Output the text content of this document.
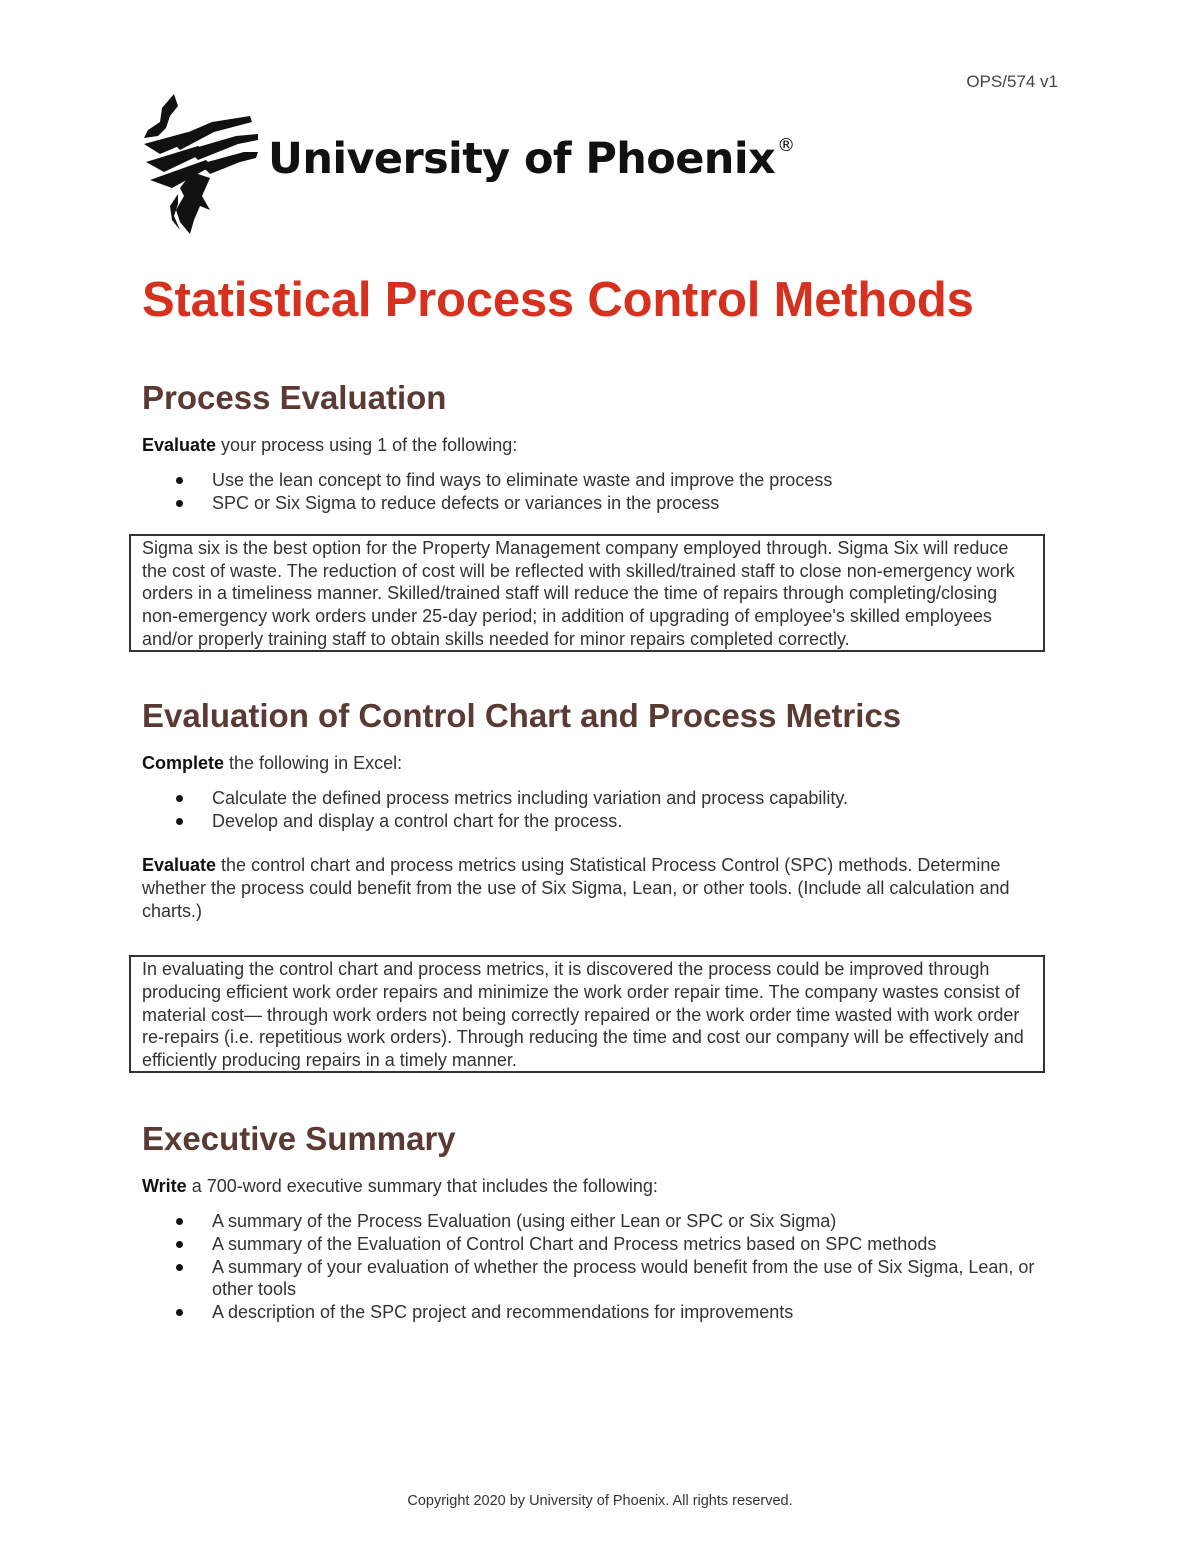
OPS/574 v1
University of Phoenix ®
Statistical Process Control Methods
Process Evaluation

Evaluate your process using 1 of the following:

Use the lean concept to find ways to eliminate waste and improve the process
SPC or Six Sigma to reduce defects or variances in the process
Sigma six is the best option for the Property Management company employed through. Sigma Six will reduce the cost of waste. The reduction of cost will be reflected with skilled/trained staff to close non-emergency work orders in a timeliness manner. Skilled/trained staff will reduce the time of repairs through completing/closing non-emergency work orders under 25-day period; in addition of upgrading of employee's skilled employees and/or properly training staff to obtain skills needed for minor repairs completed correctly.
Evaluation of Control Chart and Process Metrics

Complete the following in Excel:

Calculate the defined process metrics including variation and process capability.
Develop and display a control chart for the process.

Evaluate the control chart and process metrics using Statistical Process Control (SPC) methods. Determine whether the process could benefit from the use of Six Sigma, Lean, or other tools. (Include all calculation and charts.)

In evaluating the control chart and process metrics, it is discovered the process could be improved through producing efficient work order repairs and minimize the work order repair time. The company wastes consist of material cost— through work orders not being correctly repaired or the work order time wasted with work order re-repairs (i.e. repetitious work orders). Through reducing the time and cost our company will be effectively and efficiently producing repairs in a timely manner.
Executive Summary

Write a 700-word executive summary that includes the following:

A summary of the Process Evaluation (using either Lean or SPC or Six Sigma)
A summary of the Evaluation of Control Chart and Process metrics based on SPC methods
A summary of your evaluation of whether the process would benefit from the use of Six Sigma, Lean, or other tools
A description of the SPC project and recommendations for improvements
Copyright 2020 by University of Phoenix. All rights reserved.
